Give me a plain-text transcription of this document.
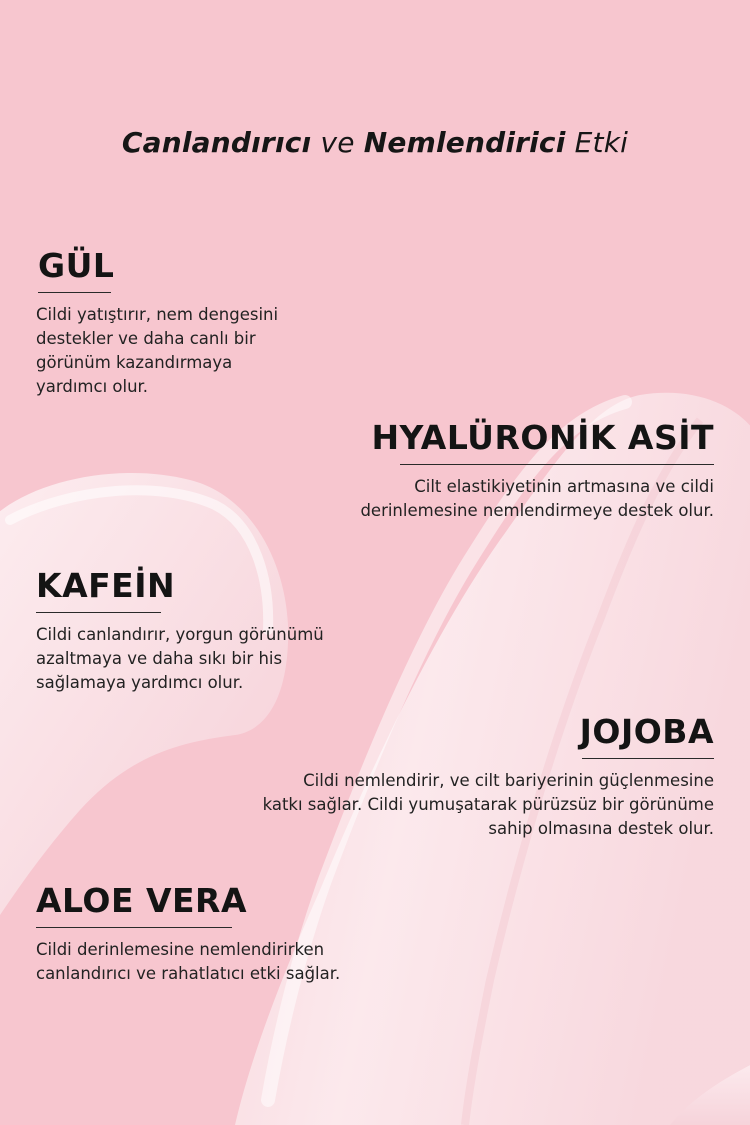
Canlandırıcı ve Nemlendirici Etki
GÜL
Cildi yatıştırır, nem dengesini
destekler ve daha canlı bir
görünüm kazandırmaya
yardımcı olur.
HYALÜRONİK ASİT
Cilt elastikiyetinin artmasına ve cildi
derinlemesine nemlendirmeye destek olur.
KAFEİN
Cildi canlandırır, yorgun görünümü
azaltmaya ve daha sıkı bir his
sağlamaya yardımcı olur.
JOJOBA
Cildi nemlendirir, ve cilt bariyerinin güçlenmesine
katkı sağlar. Cildi yumuşatarak pürüzsüz bir görünüme
sahip olmasına destek olur.
ALOE VERA
Cildi derinlemesine nemlendirirken
canlandırıcı ve rahatlatıcı etki sağlar.
